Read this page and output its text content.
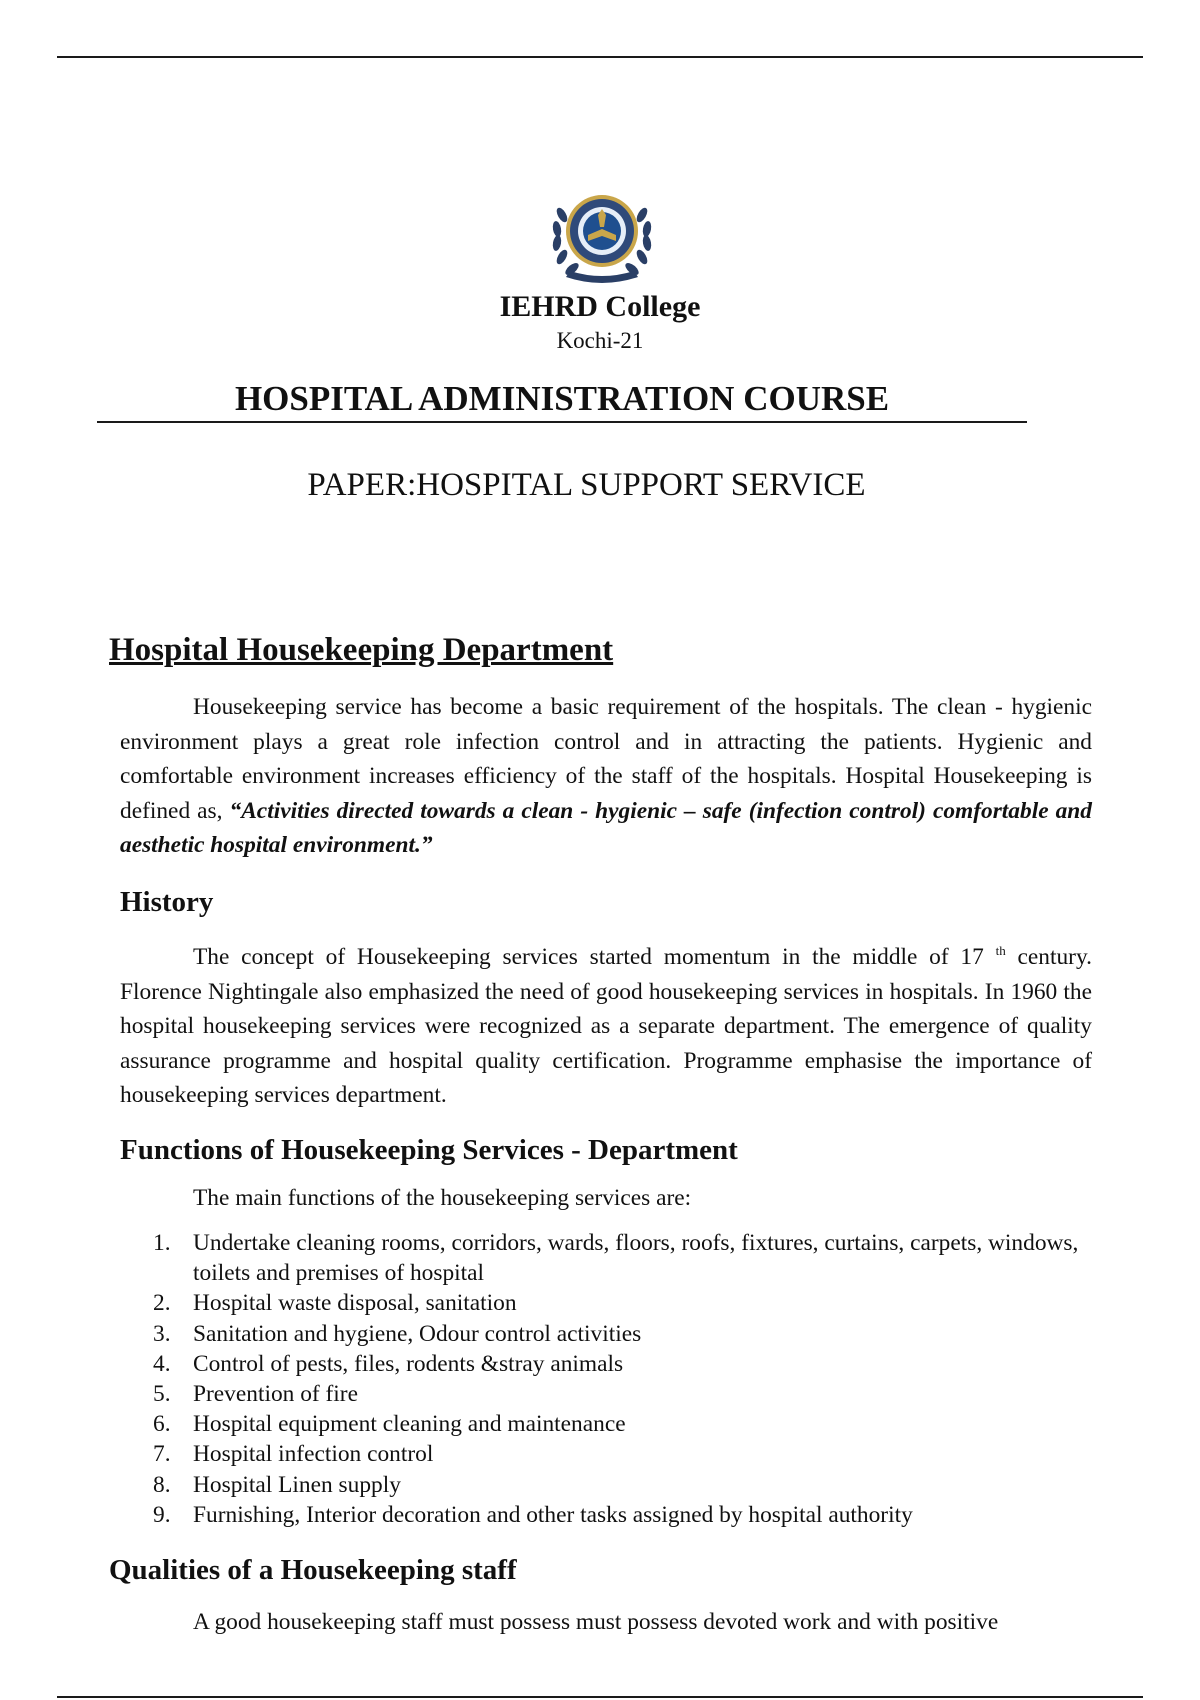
IEHRD College
Kochi-21
HOSPITAL ADMINISTRATION COURSE
PAPER:HOSPITAL SUPPORT SERVICE
Hospital Housekeeping Department

Housekeeping service has become a basic requirement of the hospitals. The clean - hygienic environment plays a great role infection control and in attracting the patients. Hygienic and comfortable environment increases efficiency of the staff of the hospitals. Hospital Housekeeping is defined as, “Activities directed towards a clean - hygienic – safe (infection control) comfortable and aesthetic hospital environment.”

History

The concept of Housekeeping services started momentum in the middle of 17 $^{th}$ century. Florence Nightingale also emphasized the need of good housekeeping services in hospitals. In 1960 the hospital housekeeping services were recognized as a separate department. The emergence of quality assurance programme and hospital quality certification. Programme emphasise the importance of housekeeping services department.

Functions of Housekeeping Services - Department

The main functions of the housekeeping services are:

1. Undertake cleaning rooms, corridors, wards, floors, roofs, fixtures, curtains, carpets, windows, toilets and premises of hospital
2. Hospital waste disposal, sanitation
3. Sanitation and hygiene, Odour control activities
4. Control of pests, files, rodents &stray animals
5. Prevention of fire
6. Hospital equipment cleaning and maintenance
7. Hospital infection control
8. Hospital Linen supply
9. Furnishing, Interior decoration and other tasks assigned by hospital authority
Qualities of a Housekeeping staff

A good housekeeping staff must possess must possess devoted work and with positive
